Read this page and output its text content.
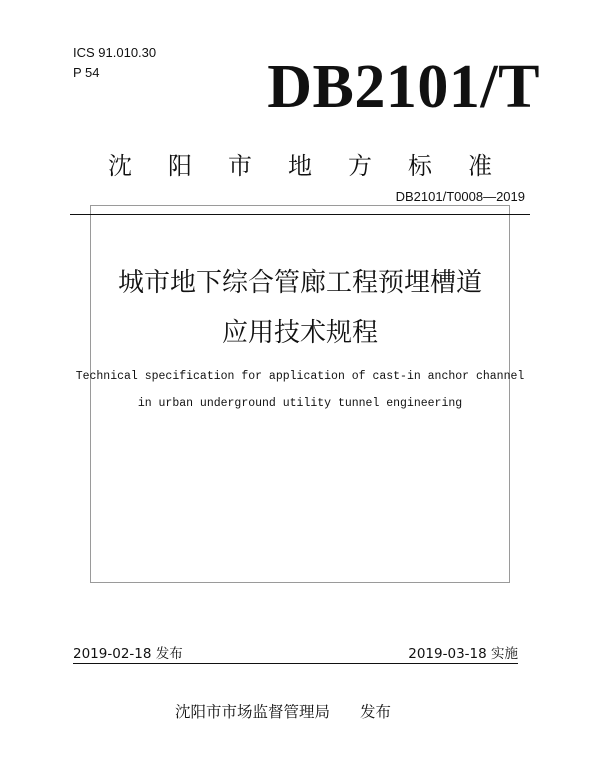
ICS 91.010.30
P 54	DB2101/T
沈阳市地方标准
DB2101/T0008—2019
城市地下综合管廊工程预埋槽道
应用技术规程
Technical specification for application of cast-in anchor channel
in urban underground utility tunnel engineering
2019-02-18 发布	2019-03-18 实施
沈阳市市场监督管理局 发布
